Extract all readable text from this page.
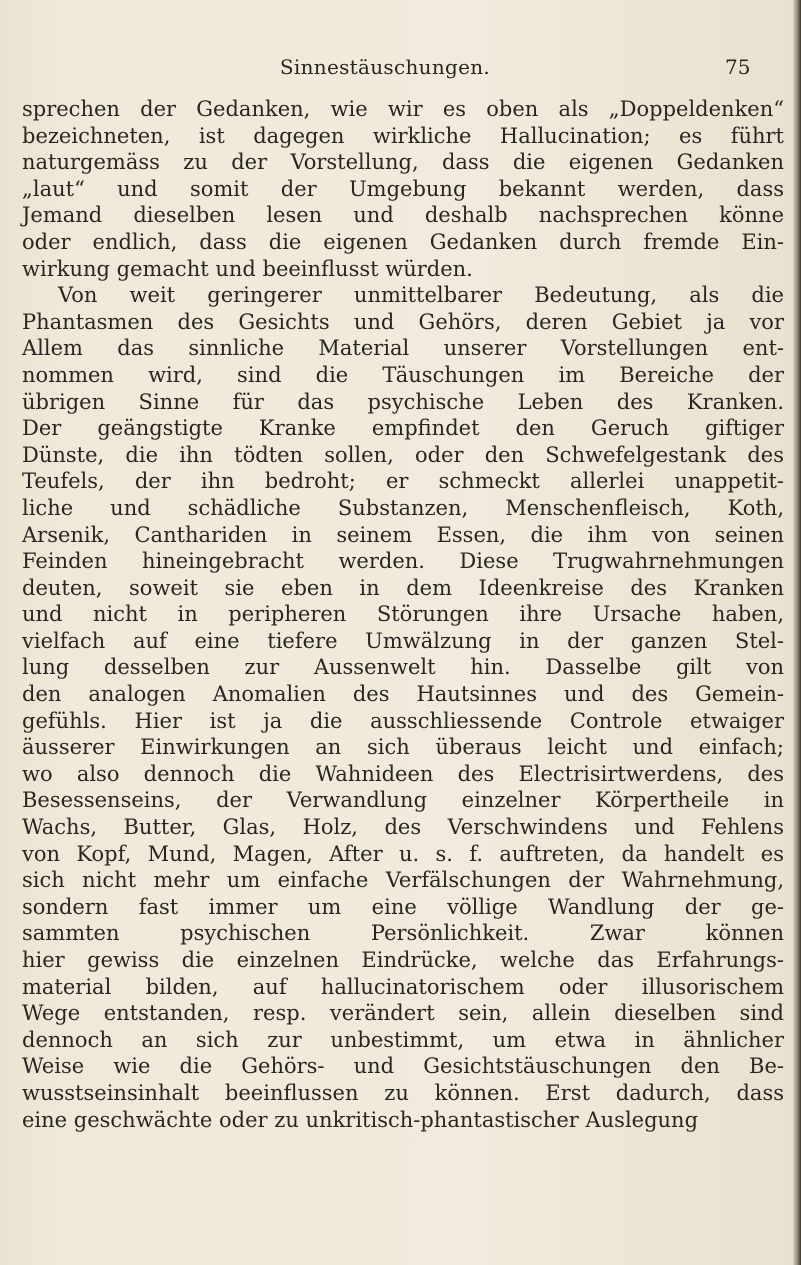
Sinnestäuschungen.	75
sprechen der Gedanken, wie wir es oben als „Doppeldenken“
bezeichneten, ist dagegen wirkliche Hallucination; es führt
naturgemäss zu der Vorstellung, dass die eigenen Gedanken
„laut“ und somit der Umgebung bekannt werden, dass
Jemand dieselben lesen und deshalb nachsprechen könne
oder endlich, dass die eigenen Gedanken durch fremde Ein-
wirkung gemacht und beeinflusst würden.
Von weit geringerer unmittelbarer Bedeutung, als die
Phantasmen des Gesichts und Gehörs, deren Gebiet ja vor
Allem das sinnliche Material unserer Vorstellungen ent-
nommen wird, sind die Täuschungen im Bereiche der
übrigen Sinne für das psychische Leben des Kranken.
Der geängstigte Kranke empfindet den Geruch giftiger
Dünste, die ihn tödten sollen, oder den Schwefelgestank des
Teufels, der ihn bedroht; er schmeckt allerlei unappetit-
liche und schädliche Substanzen, Menschenfleisch, Koth,
Arsenik, Canthariden in seinem Essen, die ihm von seinen
Feinden hineingebracht werden. Diese Trugwahrnehmungen
deuten, soweit sie eben in dem Ideenkreise des Kranken
und nicht in peripheren Störungen ihre Ursache haben,
vielfach auf eine tiefere Umwälzung in der ganzen Stel-
lung desselben zur Aussenwelt hin. Dasselbe gilt von
den analogen Anomalien des Hautsinnes und des Gemein-
gefühls. Hier ist ja die ausschliessende Controle etwaiger
äusserer Einwirkungen an sich überaus leicht und einfach;
wo also dennoch die Wahnideen des Electrisirtwerdens, des
Besessenseins, der Verwandlung einzelner Körpertheile in
Wachs, Butter, Glas, Holz, des Verschwindens und Fehlens
von Kopf, Mund, Magen, After u. s. f. auftreten, da handelt es
sich nicht mehr um einfache Verfälschungen der Wahrnehmung,
sondern fast immer um eine völlige Wandlung der ge-
sammten psychischen Persönlichkeit. Zwar können
hier gewiss die einzelnen Eindrücke, welche das Erfahrungs-
material bilden, auf hallucinatorischem oder illusorischem
Wege entstanden, resp. verändert sein, allein dieselben sind
dennoch an sich zur unbestimmt, um etwa in ähnlicher
Weise wie die Gehörs- und Gesichtstäuschungen den Be-
wusstseinsinhalt beeinflussen zu können. Erst dadurch, dass
eine geschwächte oder zu unkritisch-phantastischer Auslegung
